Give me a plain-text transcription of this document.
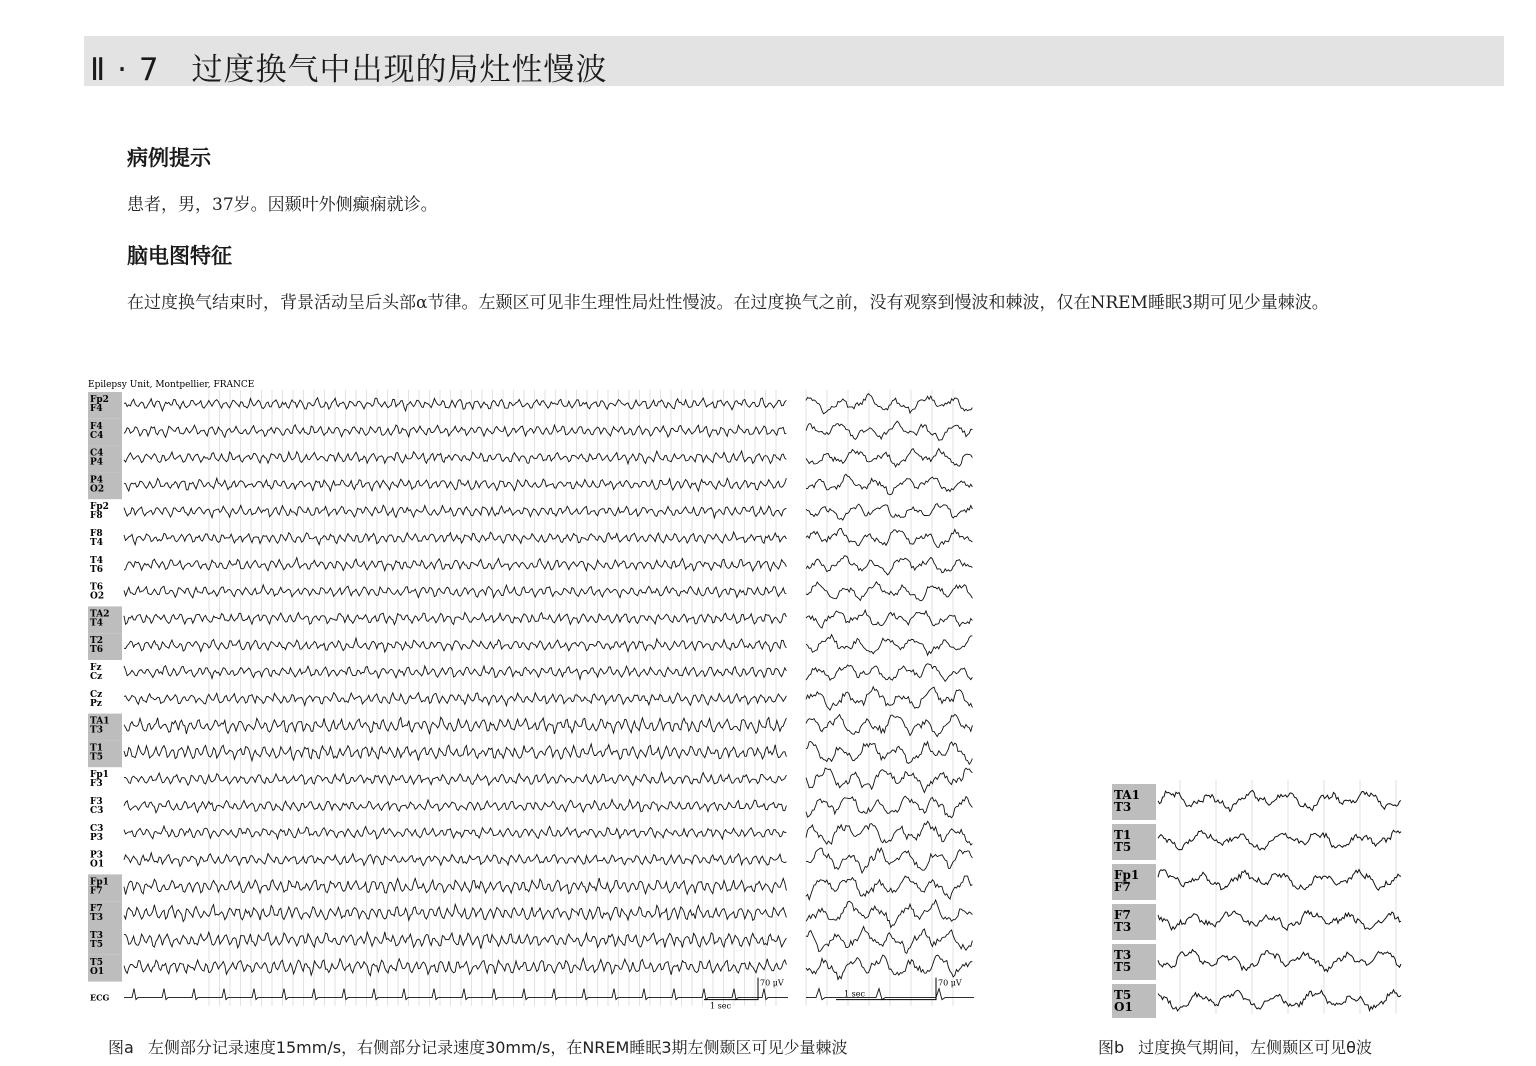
Ⅱ · 7　过度换气中出现的局灶性慢波
病例提示

患者，男，37岁。因颞叶外侧癫痫就诊。

脑电图特征

在过度换气结束时，背景活动呈后头部α节律。左颞区可见非生理性局灶性慢波。在过度换气之前，没有观察到慢波和棘波，仅在NREM睡眠3期可见少量棘波。

Epilepsy Unit, Montpellier, FRANCE
Fp2
F4
F4
C4
C4
P4
P4
O2
Fp2
F8
F8
T4
T4
T6
T6
O2
TA2
T4
T2
T6
Fz
Cz
Cz
Pz
TA1
T3
T1
T5
Fp1
F3
F3
C3
C3
P3
P3
O1
Fp1
F7
F7
T3
T3
T5
T5
O1
ECG
1 sec
70 μV
1 sec
70 μV
TA1
T3
T1
T5
Fp1
F7
F7
T3
T3
T5
T5
O1
图a 左侧部分记录速度15mm/s，右侧部分记录速度30mm/s，在NREM睡眠3期左侧颞区可见少量棘波	图b 过度换气期间，左侧颞区可见θ波
